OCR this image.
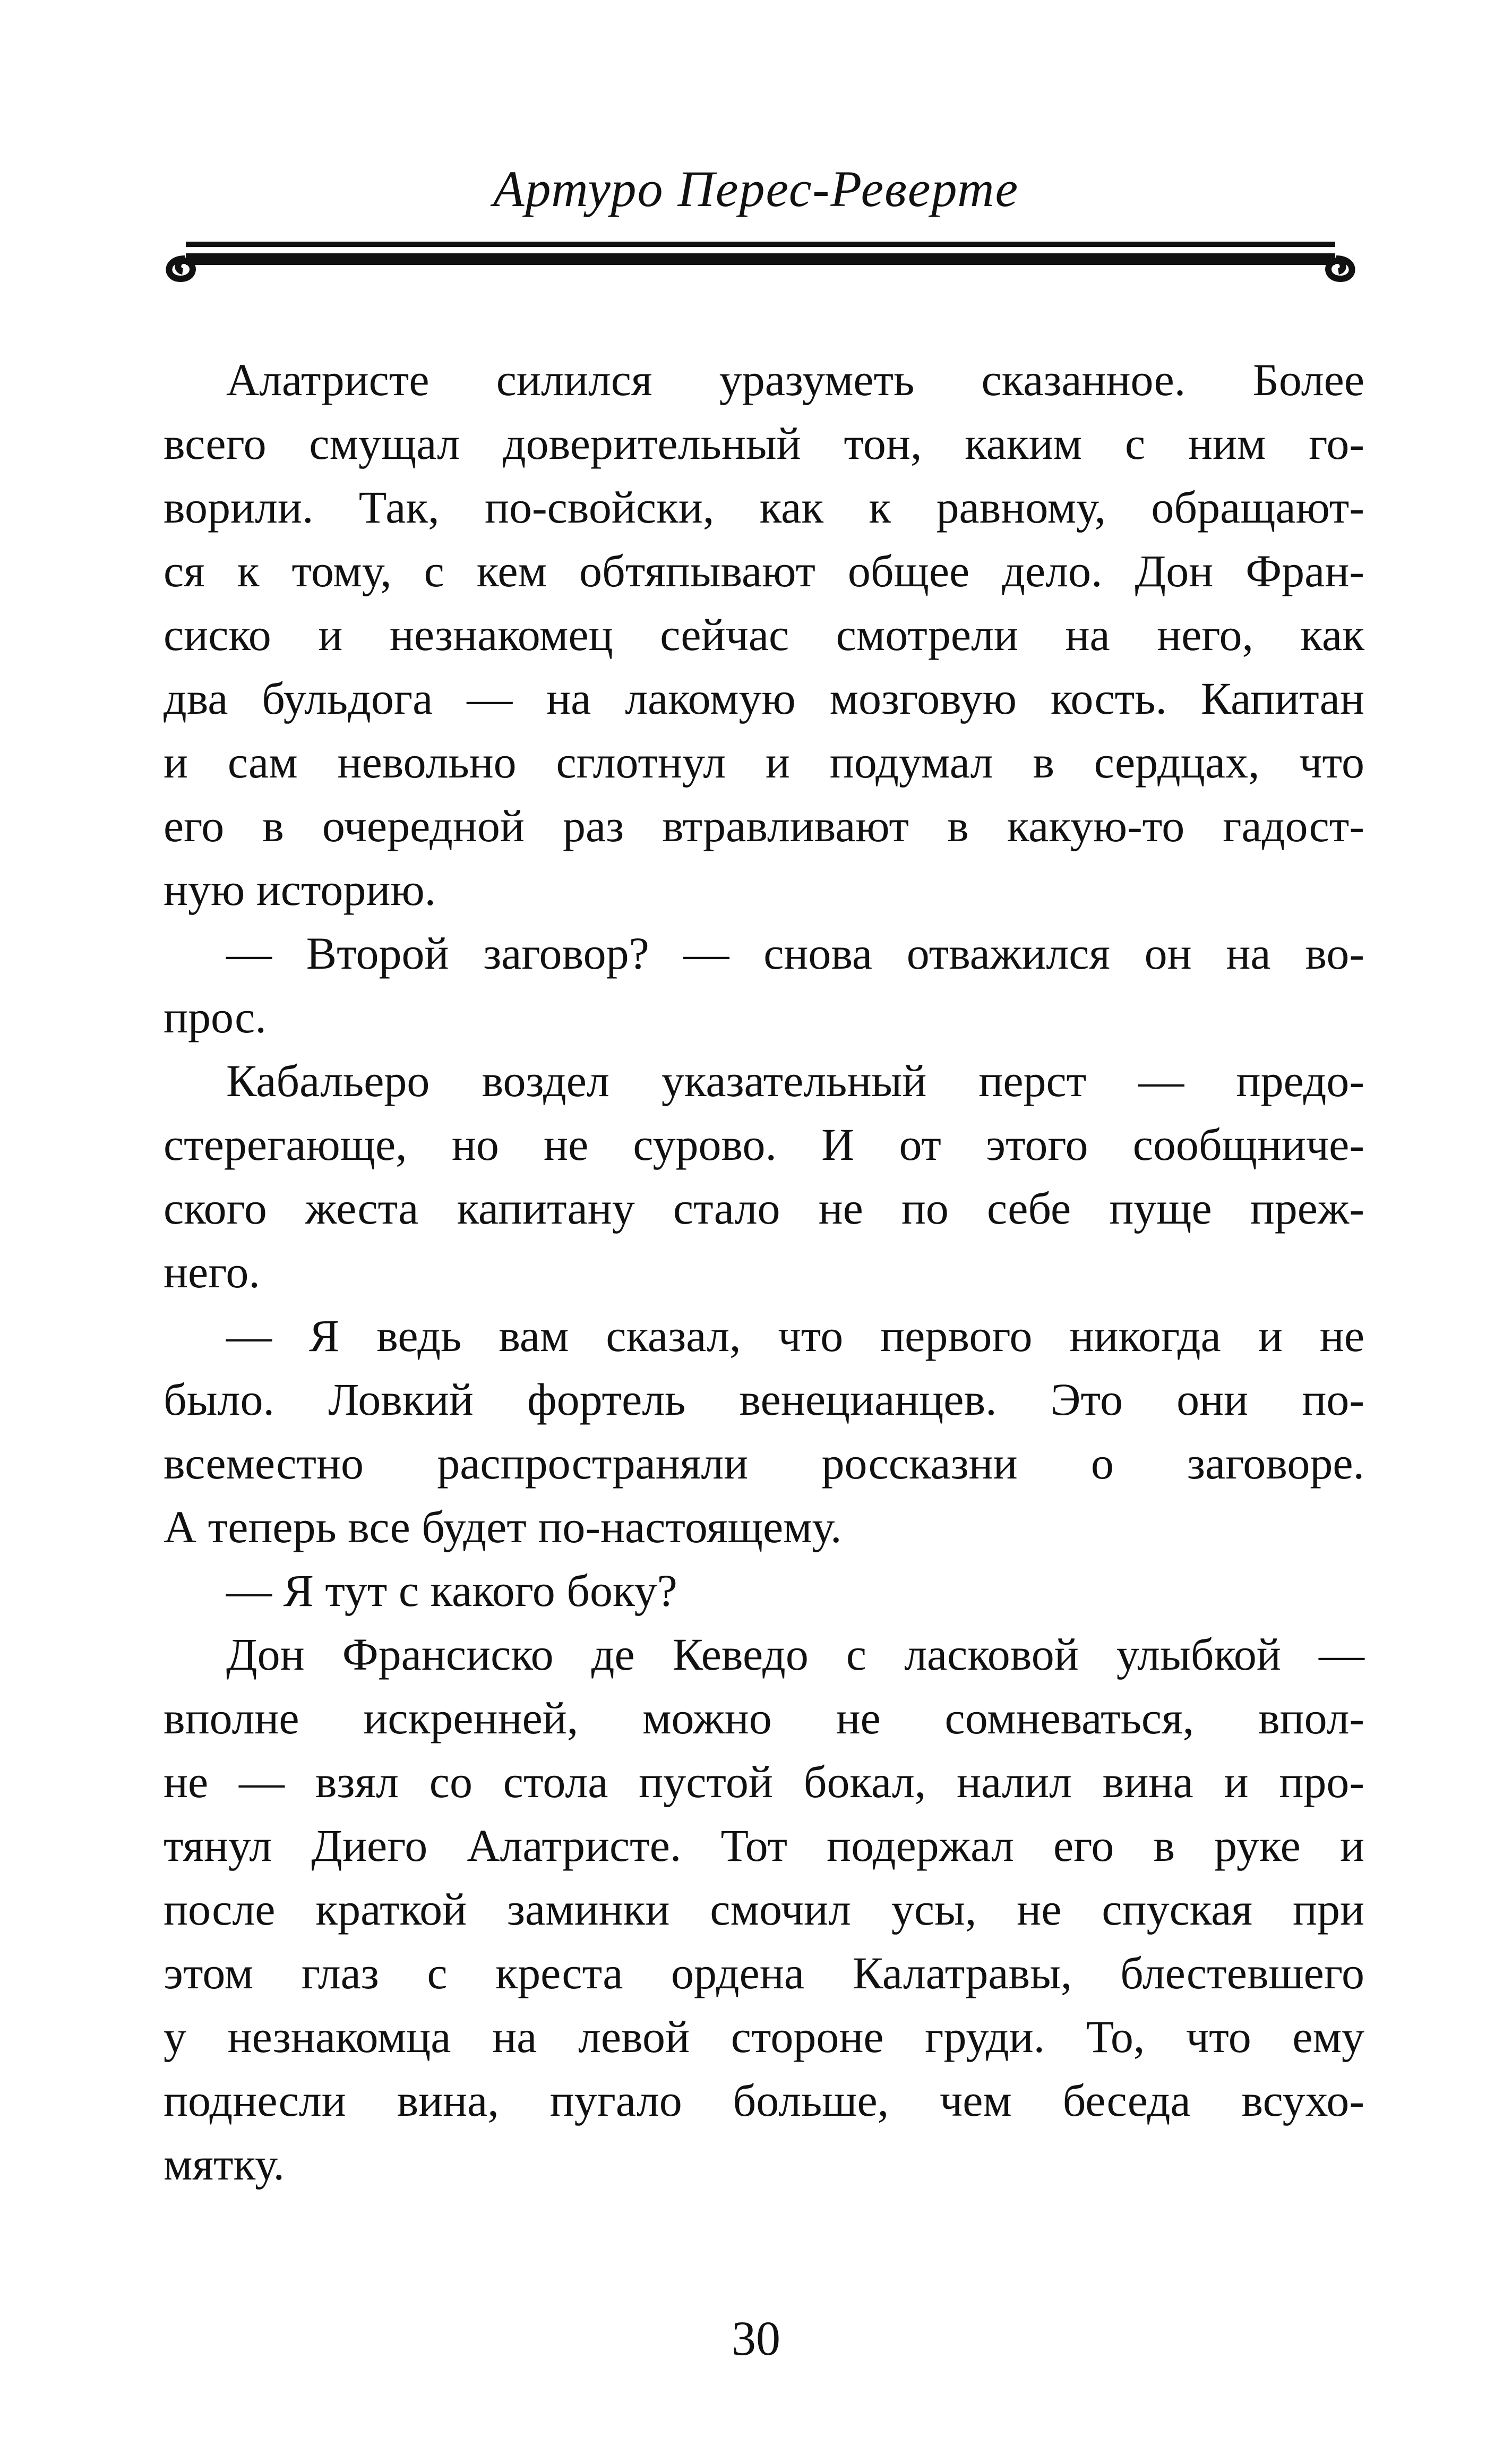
Артуро Перес-Реверте
Алатристе силился уразуметь сказанное. Более
всего смущал доверительный тон, каким с ним го-
ворили. Так, по-свойски, как к равному, обращают-
ся к тому, с кем обтяпывают общее дело. Дон Фран-
сиско и незнакомец сейчас смотрели на него, как
два бульдога — на лакомую мозговую кость. Капитан
и сам невольно сглотнул и подумал в сердцах, что
его в очередной раз втравливают в какую-то гадост-
ную историю.
— Второй заговор? — снова отважился он на во-
прос.
Кабальеро воздел указательный перст — предо-
стерегающе, но не сурово. И от этого сообщниче-
ского жеста капитану стало не по себе пуще преж-
него.
— Я ведь вам сказал, что первого никогда и не
было. Ловкий фортель венецианцев. Это они по-
всеместно распространяли россказни о заговоре.
А теперь все будет по-настоящему.
— Я тут с какого боку?
Дон Франсиско де Кеведо с ласковой улыбкой —
вполне искренней, можно не сомневаться, впол-
не — взял со стола пустой бокал, налил вина и про-
тянул Диего Алатристе. Тот подержал его в руке и
после краткой заминки смочил усы, не спуская при
этом глаз с креста ордена Калатравы, блестевшего
у незнакомца на левой стороне груди. То, что ему
поднесли вина, пугало больше, чем беседа всухо-
мятку.
30
